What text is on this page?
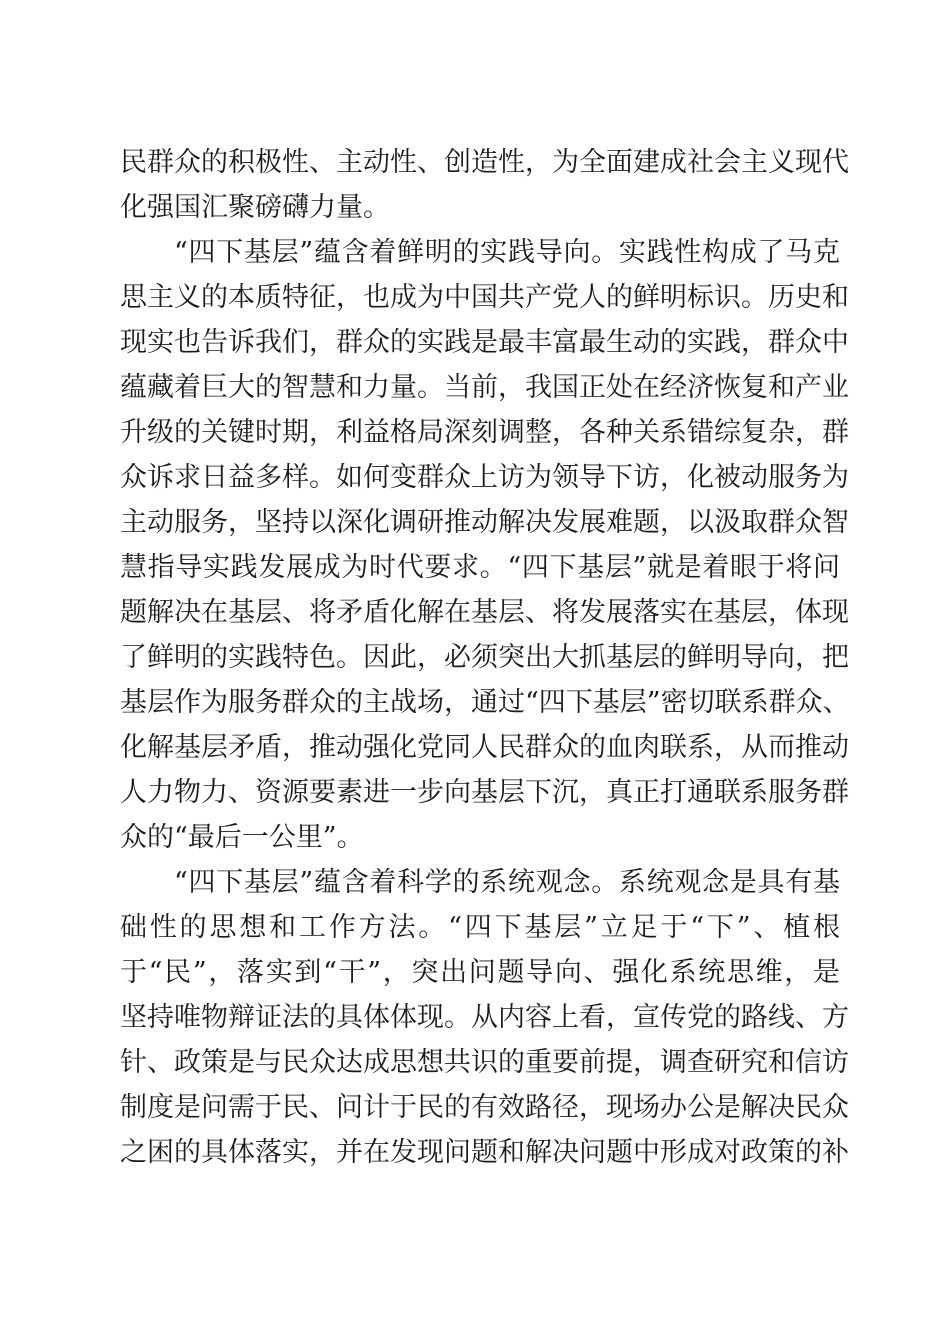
民群众的积极性、主动性、创造性，为全面建成社会主义现代
化强国汇聚磅礴力量。
“四下基层”蕴含着鲜明的实践导向。实践性构成了马克
思主义的本质特征，也成为中国共产党人的鲜明标识。历史和
现实也告诉我们，群众的实践是最丰富最生动的实践，群众中
蕴藏着巨大的智慧和力量。当前，我国正处在经济恢复和产业
升级的关键时期，利益格局深刻调整，各种关系错综复杂，群
众诉求日益多样。如何变群众上访为领导下访，化被动服务为
主动服务，坚持以深化调研推动解决发展难题，以汲取群众智
慧指导实践发展成为时代要求。“四下基层”就是着眼于将问
题解决在基层、将矛盾化解在基层、将发展落实在基层，体现
了鲜明的实践特色。因此，必须突出大抓基层的鲜明导向，把
基层作为服务群众的主战场，通过“四下基层”密切联系群众、
化解基层矛盾，推动强化党同人民群众的血肉联系，从而推动
人力物力、资源要素进一步向基层下沉，真正打通联系服务群
众的“最后一公里”。
“四下基层”蕴含着科学的系统观念。系统观念是具有基
础性的思想和工作方法。“四下基层”立足于“下”、植根
于“民”，落实到“干”，突出问题导向、强化系统思维，是
坚持唯物辩证法的具体体现。从内容上看，宣传党的路线、方
针、政策是与民众达成思想共识的重要前提，调查研究和信访
制度是问需于民、问计于民的有效路径，现场办公是解决民众
之困的具体落实，并在发现问题和解决问题中形成对政策的补
